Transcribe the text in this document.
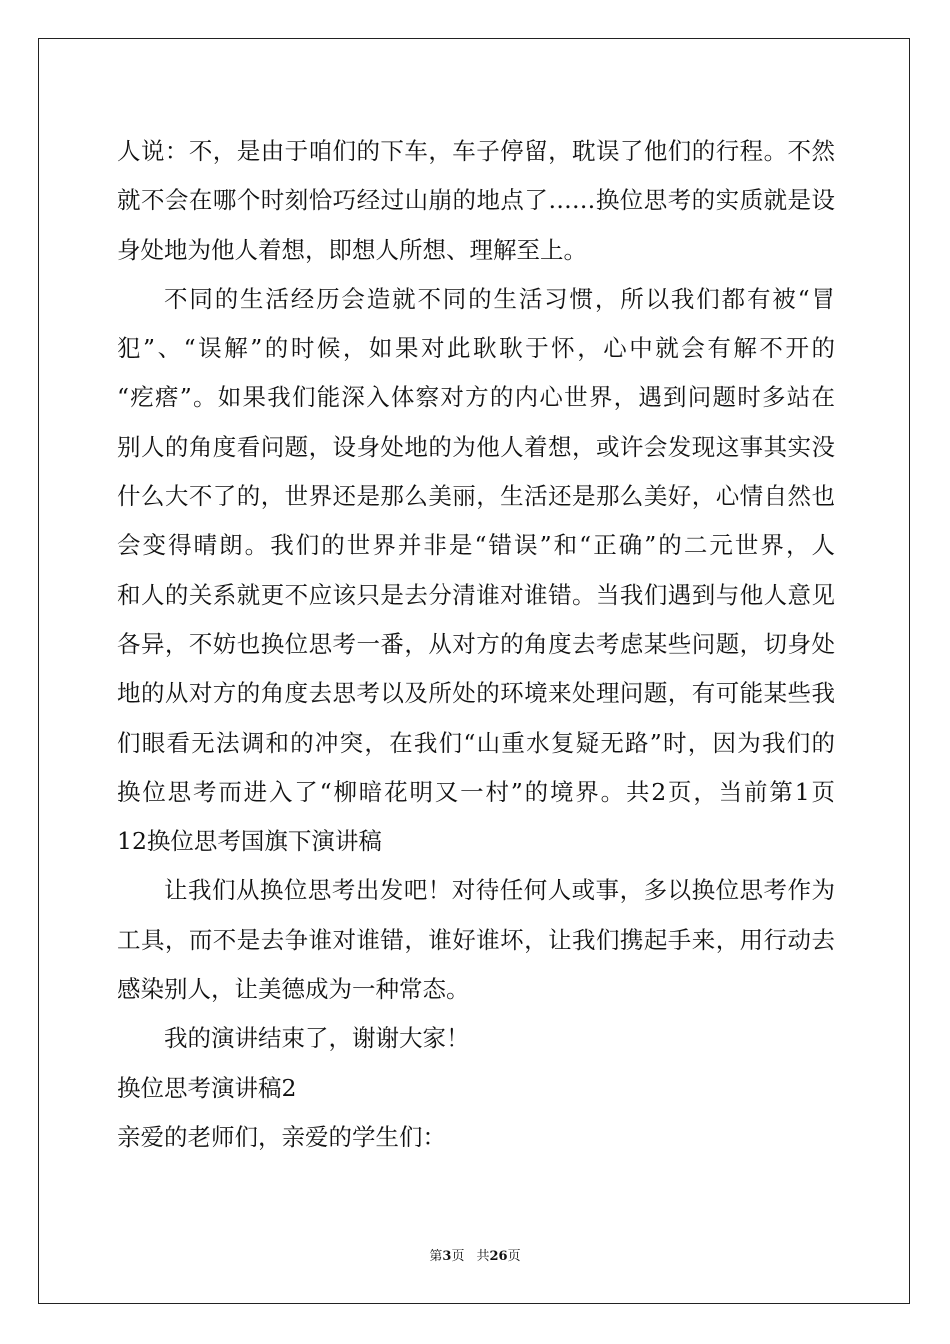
人说：不，是由于咱们的下车，车子停留，耽误了他们的行程。不然
就不会在哪个时刻恰巧经过山崩的地点了……换位思考的实质就是设
身处地为他人着想，即想人所想、理解至上。
不同的生活经历会造就不同的生活习惯，所以我们都有被“冒
犯”、“误解”的时候，如果对此耿耿于怀，心中就会有解不开的
“疙瘩”。如果我们能深入体察对方的内心世界，遇到问题时多站在
别人的角度看问题，设身处地的为他人着想，或许会发现这事其实没
什么大不了的，世界还是那么美丽，生活还是那么美好，心情自然也
会变得晴朗。我们的世界并非是“错误”和“正确”的二元世界，人
和人的关系就更不应该只是去分清谁对谁错。当我们遇到与他人意见
各异，不妨也换位思考一番，从对方的角度去考虑某些问题，切身处
地的从对方的角度去思考以及所处的环境来处理问题，有可能某些我
们眼看无法调和的冲突，在我们“山重水复疑无路”时，因为我们的
换位思考而进入了“柳暗花明又一村”的境界。共2页，当前第1页
12换位思考国旗下演讲稿
让我们从换位思考出发吧！对待任何人或事，多以换位思考作为
工具，而不是去争谁对谁错，谁好谁坏，让我们携起手来，用行动去
感染别人，让美德成为一种常态。
我的演讲结束了，谢谢大家！
换位思考演讲稿2
亲爱的老师们，亲爱的学生们：
第3页 共26页
